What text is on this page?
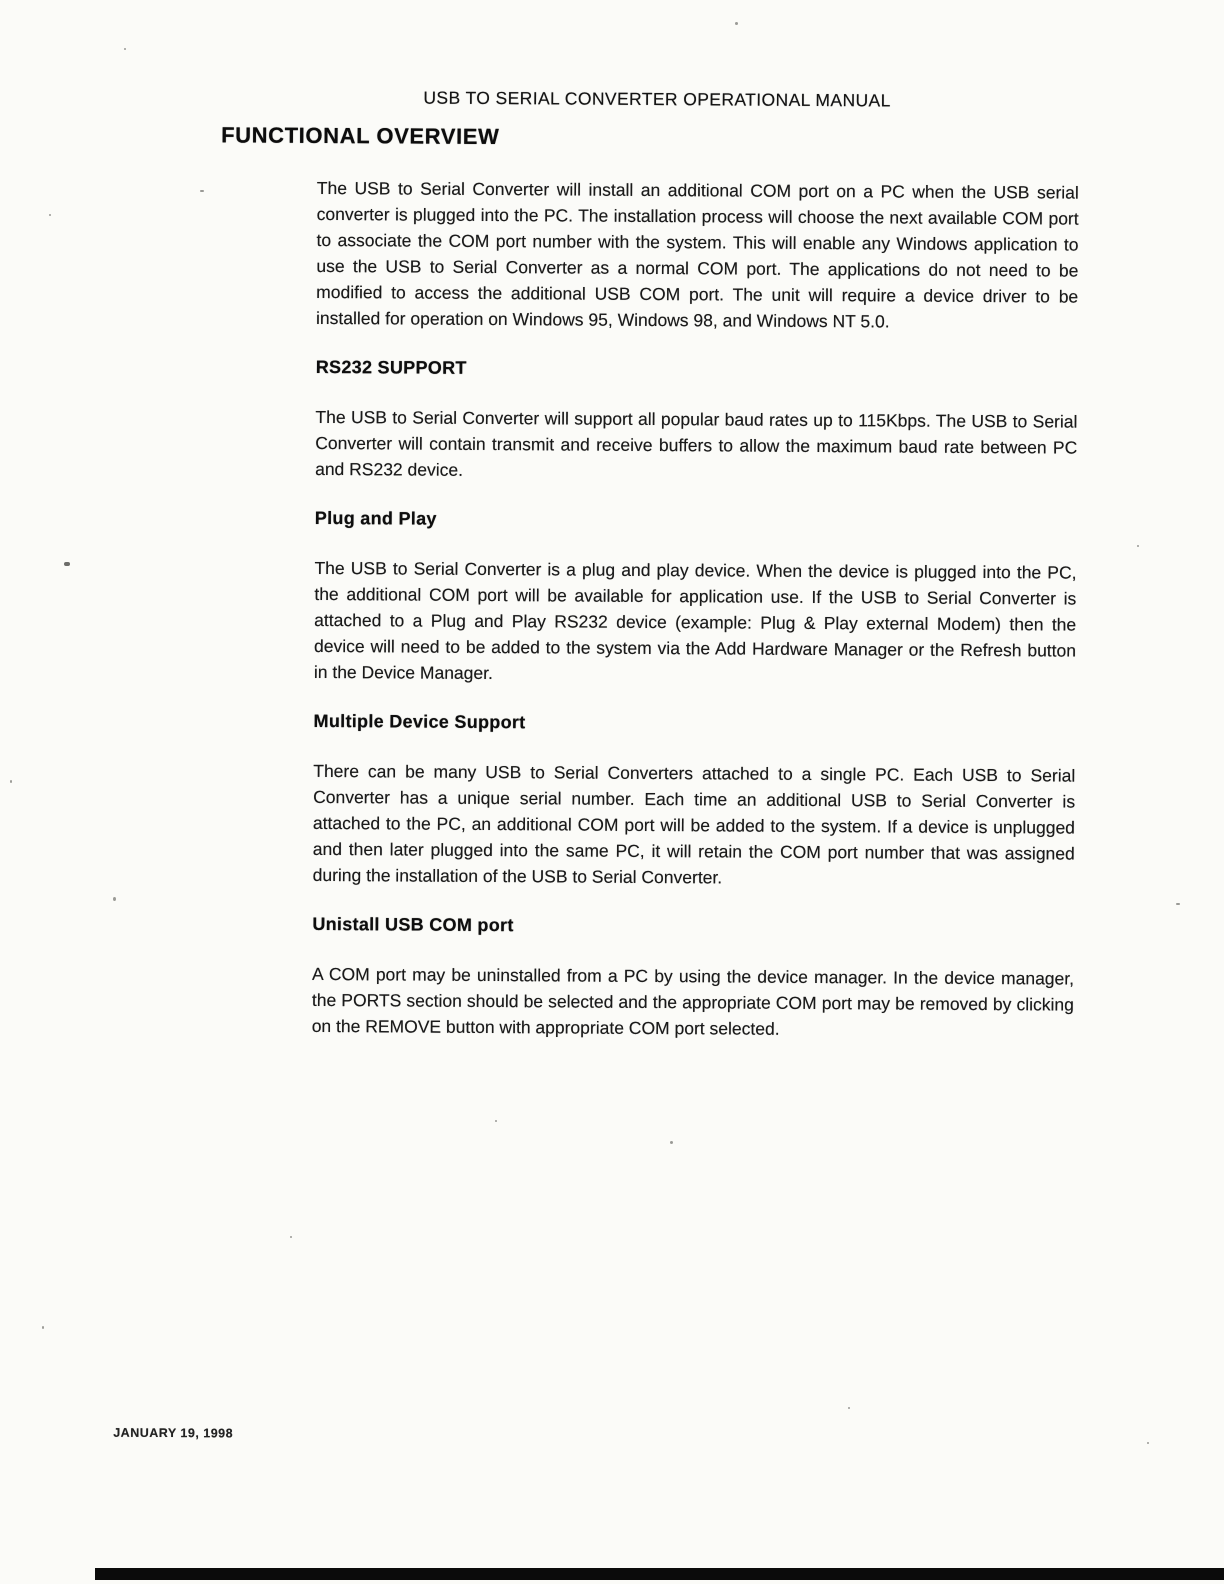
USB TO SERIAL CONVERTER OPERATIONAL MANUAL
FUNCTIONAL OVERVIEW

The USB to Serial Converter will install an additional COM port on a PC when the USB serial converter is plugged into the PC. The installation process will choose the next available COM port to associate the COM port number with the system. This will enable any Windows application to use the USB to Serial Converter as a normal COM port. The applications do not need to be modified to access the additional USB COM port. The unit will require a device driver to be installed for operation on Windows 95, Windows 98, and Windows NT 5.0.

RS232 SUPPORT

The USB to Serial Converter will support all popular baud rates up to 115Kbps. The USB to Serial Converter will contain transmit and receive buffers to allow the maximum baud rate between PC and RS232 device.

Plug and Play

The USB to Serial Converter is a plug and play device. When the device is plugged into the PC, the additional COM port will be available for application use. If the USB to Serial Converter is attached to a Plug and Play RS232 device (example: Plug & Play external Modem) then the device will need to be added to the system via the Add Hardware Manager or the Refresh button in the Device Manager.

Multiple Device Support

There can be many USB to Serial Converters attached to a single PC. Each USB to Serial Converter has a unique serial number. Each time an additional USB to Serial Converter is attached to the PC, an additional COM port will be added to the system. If a device is unplugged and then later plugged into the same PC, it will retain the COM port number that was assigned during the installation of the USB to Serial Converter.

Unistall USB COM port

A COM port may be uninstalled from a PC by using the device manager. In the device manager, the PORTS section should be selected and the appropriate COM port may be removed by clicking on the REMOVE button with appropriate COM port selected.

JANUARY 19, 1998
